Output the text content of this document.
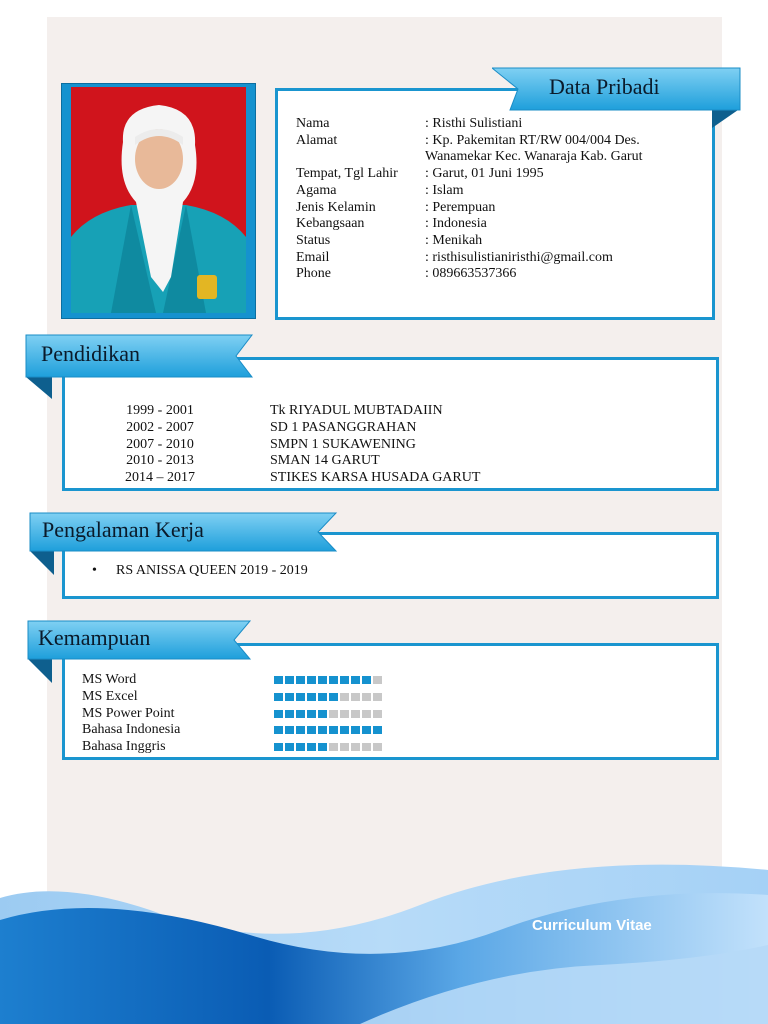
Data Pribadi
Nama	: Risthi Sulistiani
Alamat	: Kp. Pakemitan RT/RW 004/004 Des.
Wanamekar Kec. Wanaraja Kab. Garut
Tempat, Tgl Lahir : Garut, 01 Juni 1995
Agama	: Islam
Jenis Kelamin	: Perempuan
Kebangsaan	: Indonesia
Status	: Menikah
Email	: risthisulistianiristhi@gmail.com
Phone	: 089663537366
Pendidikan
1999 - 2001	Tk RIYADUL MUBTADAIIN
2002 - 2007	SD 1 PASANGGRAHAN
2007 - 2010	SMPN 1 SUKAWENING
2010 - 2013	SMAN 14 GARUT
2014 – 2017	STIKES KARSA HUSADA GARUT
Pengalaman Kerja
• RS ANISSA QUEEN 2019 - 2019
Kemampuan
MS Word
MS Excel
MS Power Point
Bahasa Indonesia
Bahasa Inggris
Curriculum Vitae
